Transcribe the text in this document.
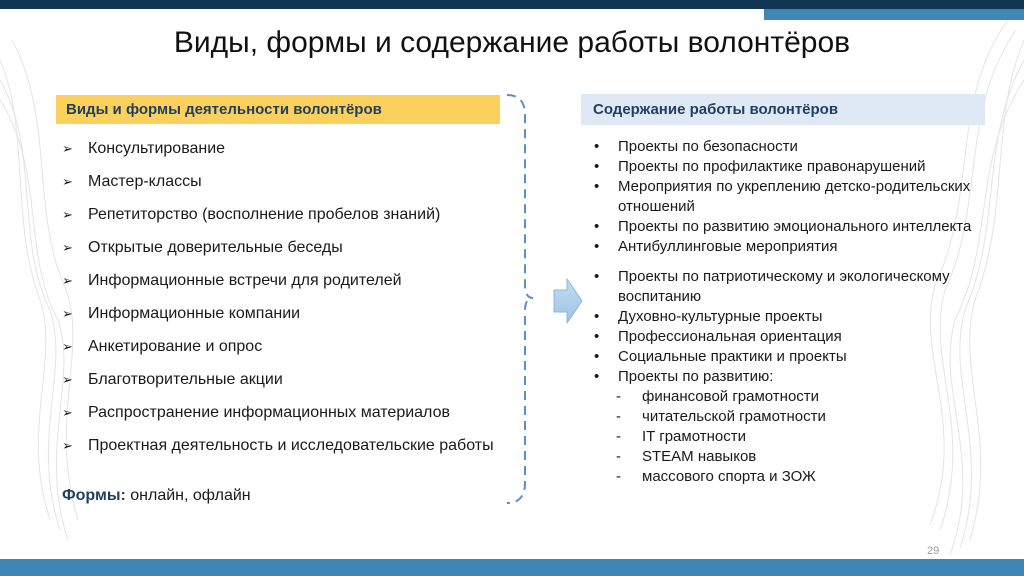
Виды, формы и содержание работы волонтёров
Виды и формы деятельности волонтёров	Содержание работы волонтёров
➢ Консультирование
➢ Мастер-классы
➢ Репетиторство (восполнение пробелов знаний)
➢ Открытые доверительные беседы
➢ Информационные встречи для родителей
➢ Информационные компании
➢ Анкетирование и опрос
➢ Благотворительные акции
➢ Распространение информационных материалов
➢ Проектная деятельность и исследовательские работы
Формы: онлайн, офлайн
• Проекты по безопасности
• Проекты по профилактике правонарушений
• Мероприятия по укреплению детско-родительских отношений
• Проекты по развитию эмоционального интеллекта
• Антибуллинговые мероприятия
• Проекты по патриотическому и экологическому воспитанию
• Духовно-культурные проекты
• Профессиональная ориентация
• Социальные практики и проекты
• Проекты по развитию:
- финансовой грамотности
- читательской грамотности
- IT грамотности
- STEAM навыков
- массового спорта и ЗОЖ
29
